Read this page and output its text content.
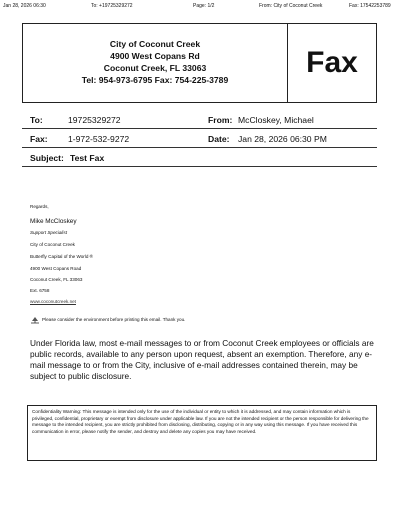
Jan 28, 2026 06:30	To: +19725329272	Page: 1/2	From: City of Coconut Creek	Fax: 17542253789
City of Coconut Creek
4900 West Copans Rd
Coconut Creek, FL 33063
Tel: 954-973-6795 Fax: 754-225-3789
Fax
To:	19725329272	From: McCloskey, Michael
Fax: 1-972-532-9272	Date: Jan 28, 2026 06:30 PM
Subject: Test Fax
Regards,
Mike McCloskey
Support Specialist
City of Coconut Creek
Butterfly Capital of the World ®
4900 West Copans Road
Coconut Creek, FL 33063
Ext. 6758
www.coconutcreek.net
Please consider the environment before printing this email. Thank you.
Under Florida law, most e-mail messages to or from Coconut Creek employees or officials are public records, available to any person upon request, absent an exemption. Therefore, any e-mail message to or from the City, inclusive of e-mail addresses contained therein, may be subject to public disclosure.
Confidentiality Warning: This message is intended only for the use of the individual or entity to which it is addressed, and may contain information which is privileged, confidential, proprietary or exempt from disclosure under applicable law. If you are not the intended recipient or the person responsible for delivering the message to the intended recipient, you are strictly prohibited from disclosing, distributing, copying or in any way using this message. If you have received this communication in error, please notify the sender, and destroy and delete any copies you may have received.
